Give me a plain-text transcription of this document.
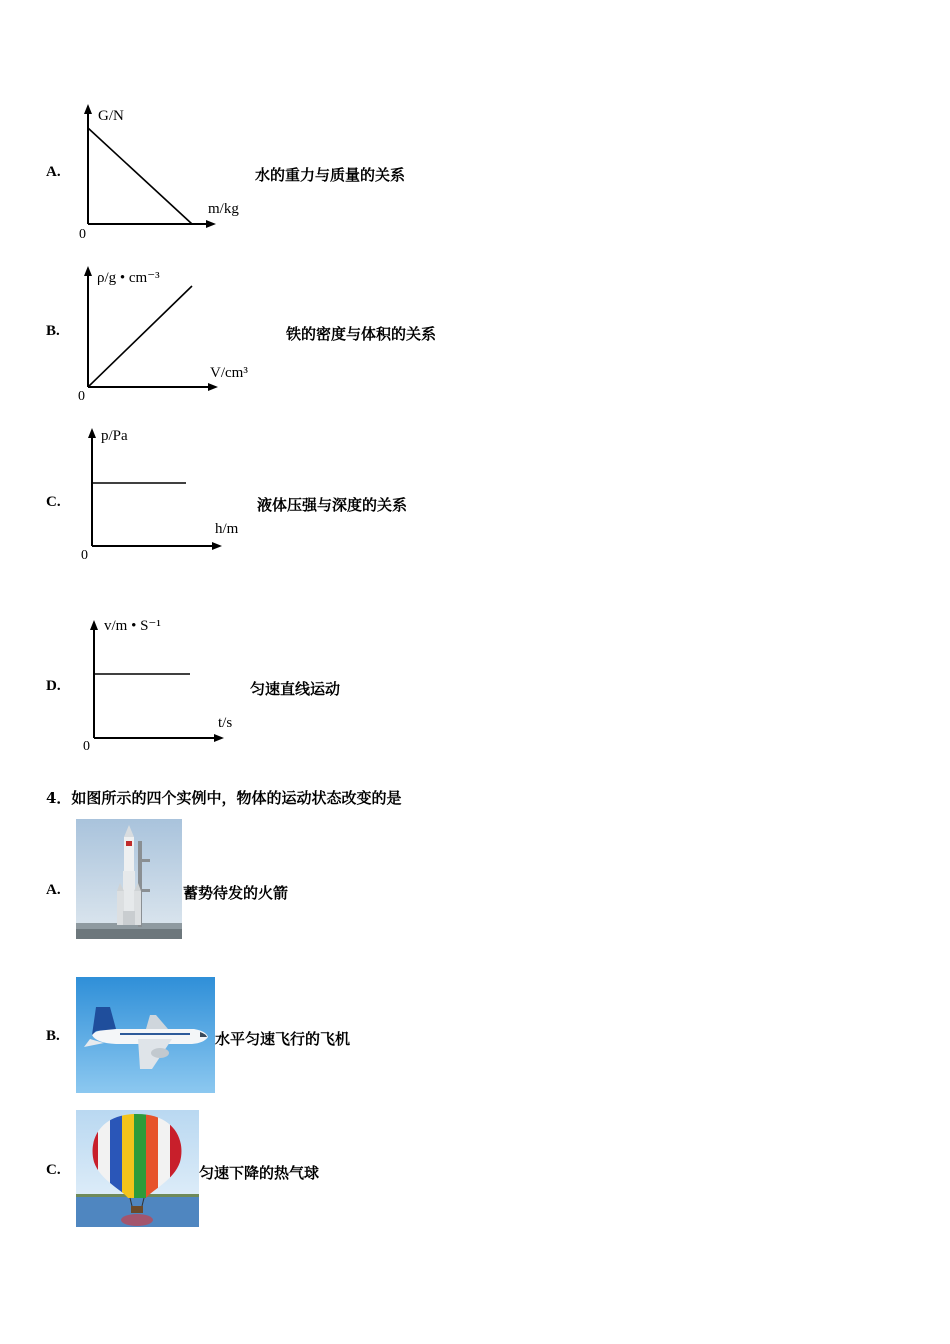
A.
G/N
m/kg
0
水的重力与质量的关系
B.
ρ/g • cm⁻³
V/cm³
0
铁的密度与体积的关系
C.
p/Pa
h/m
0
液体压强与深度的关系
D.
v/m • S⁻¹
t/s
0
匀速直线运动
4．如图所示的四个实例中，物体的运动状态改变的是
A.	蓄势待发的火箭
B.	水平匀速飞行的飞机
C.	匀速下降的热气球
